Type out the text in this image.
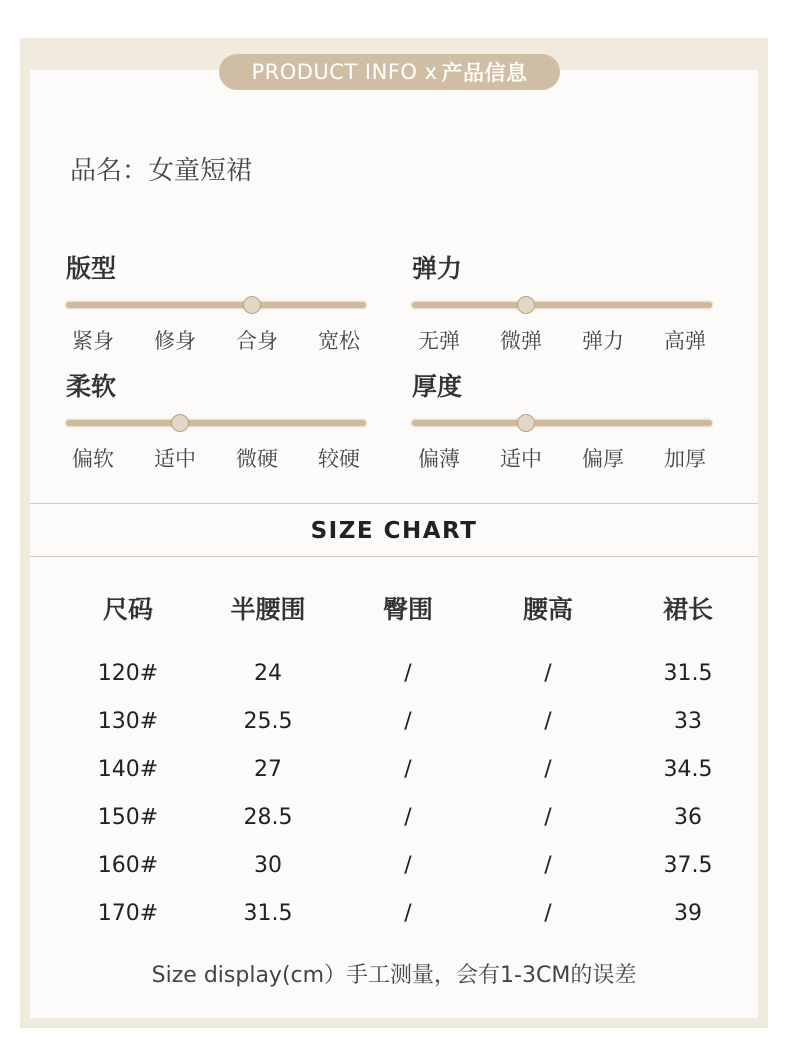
PRODUCT INFO x 产品信息
品名：女童短裙
版型
紧身 修身 合身 宽松
弹力
无弹 微弹 弹力 高弹
柔软
偏软 适中 微硬 较硬
厚度
偏薄 适中 偏厚 加厚
SIZE CHART
尺码	半腰围	臀围	腰高	裙长
120#	24	/	/	31.5
130#	25.5	/	/	33
140#	27	/	/	34.5
150#	28.5	/	/	36
160#	30	/	/	37.5
170#	31.5	/	/	39
Size display(cm）手工测量，会有1-3CM的误差
